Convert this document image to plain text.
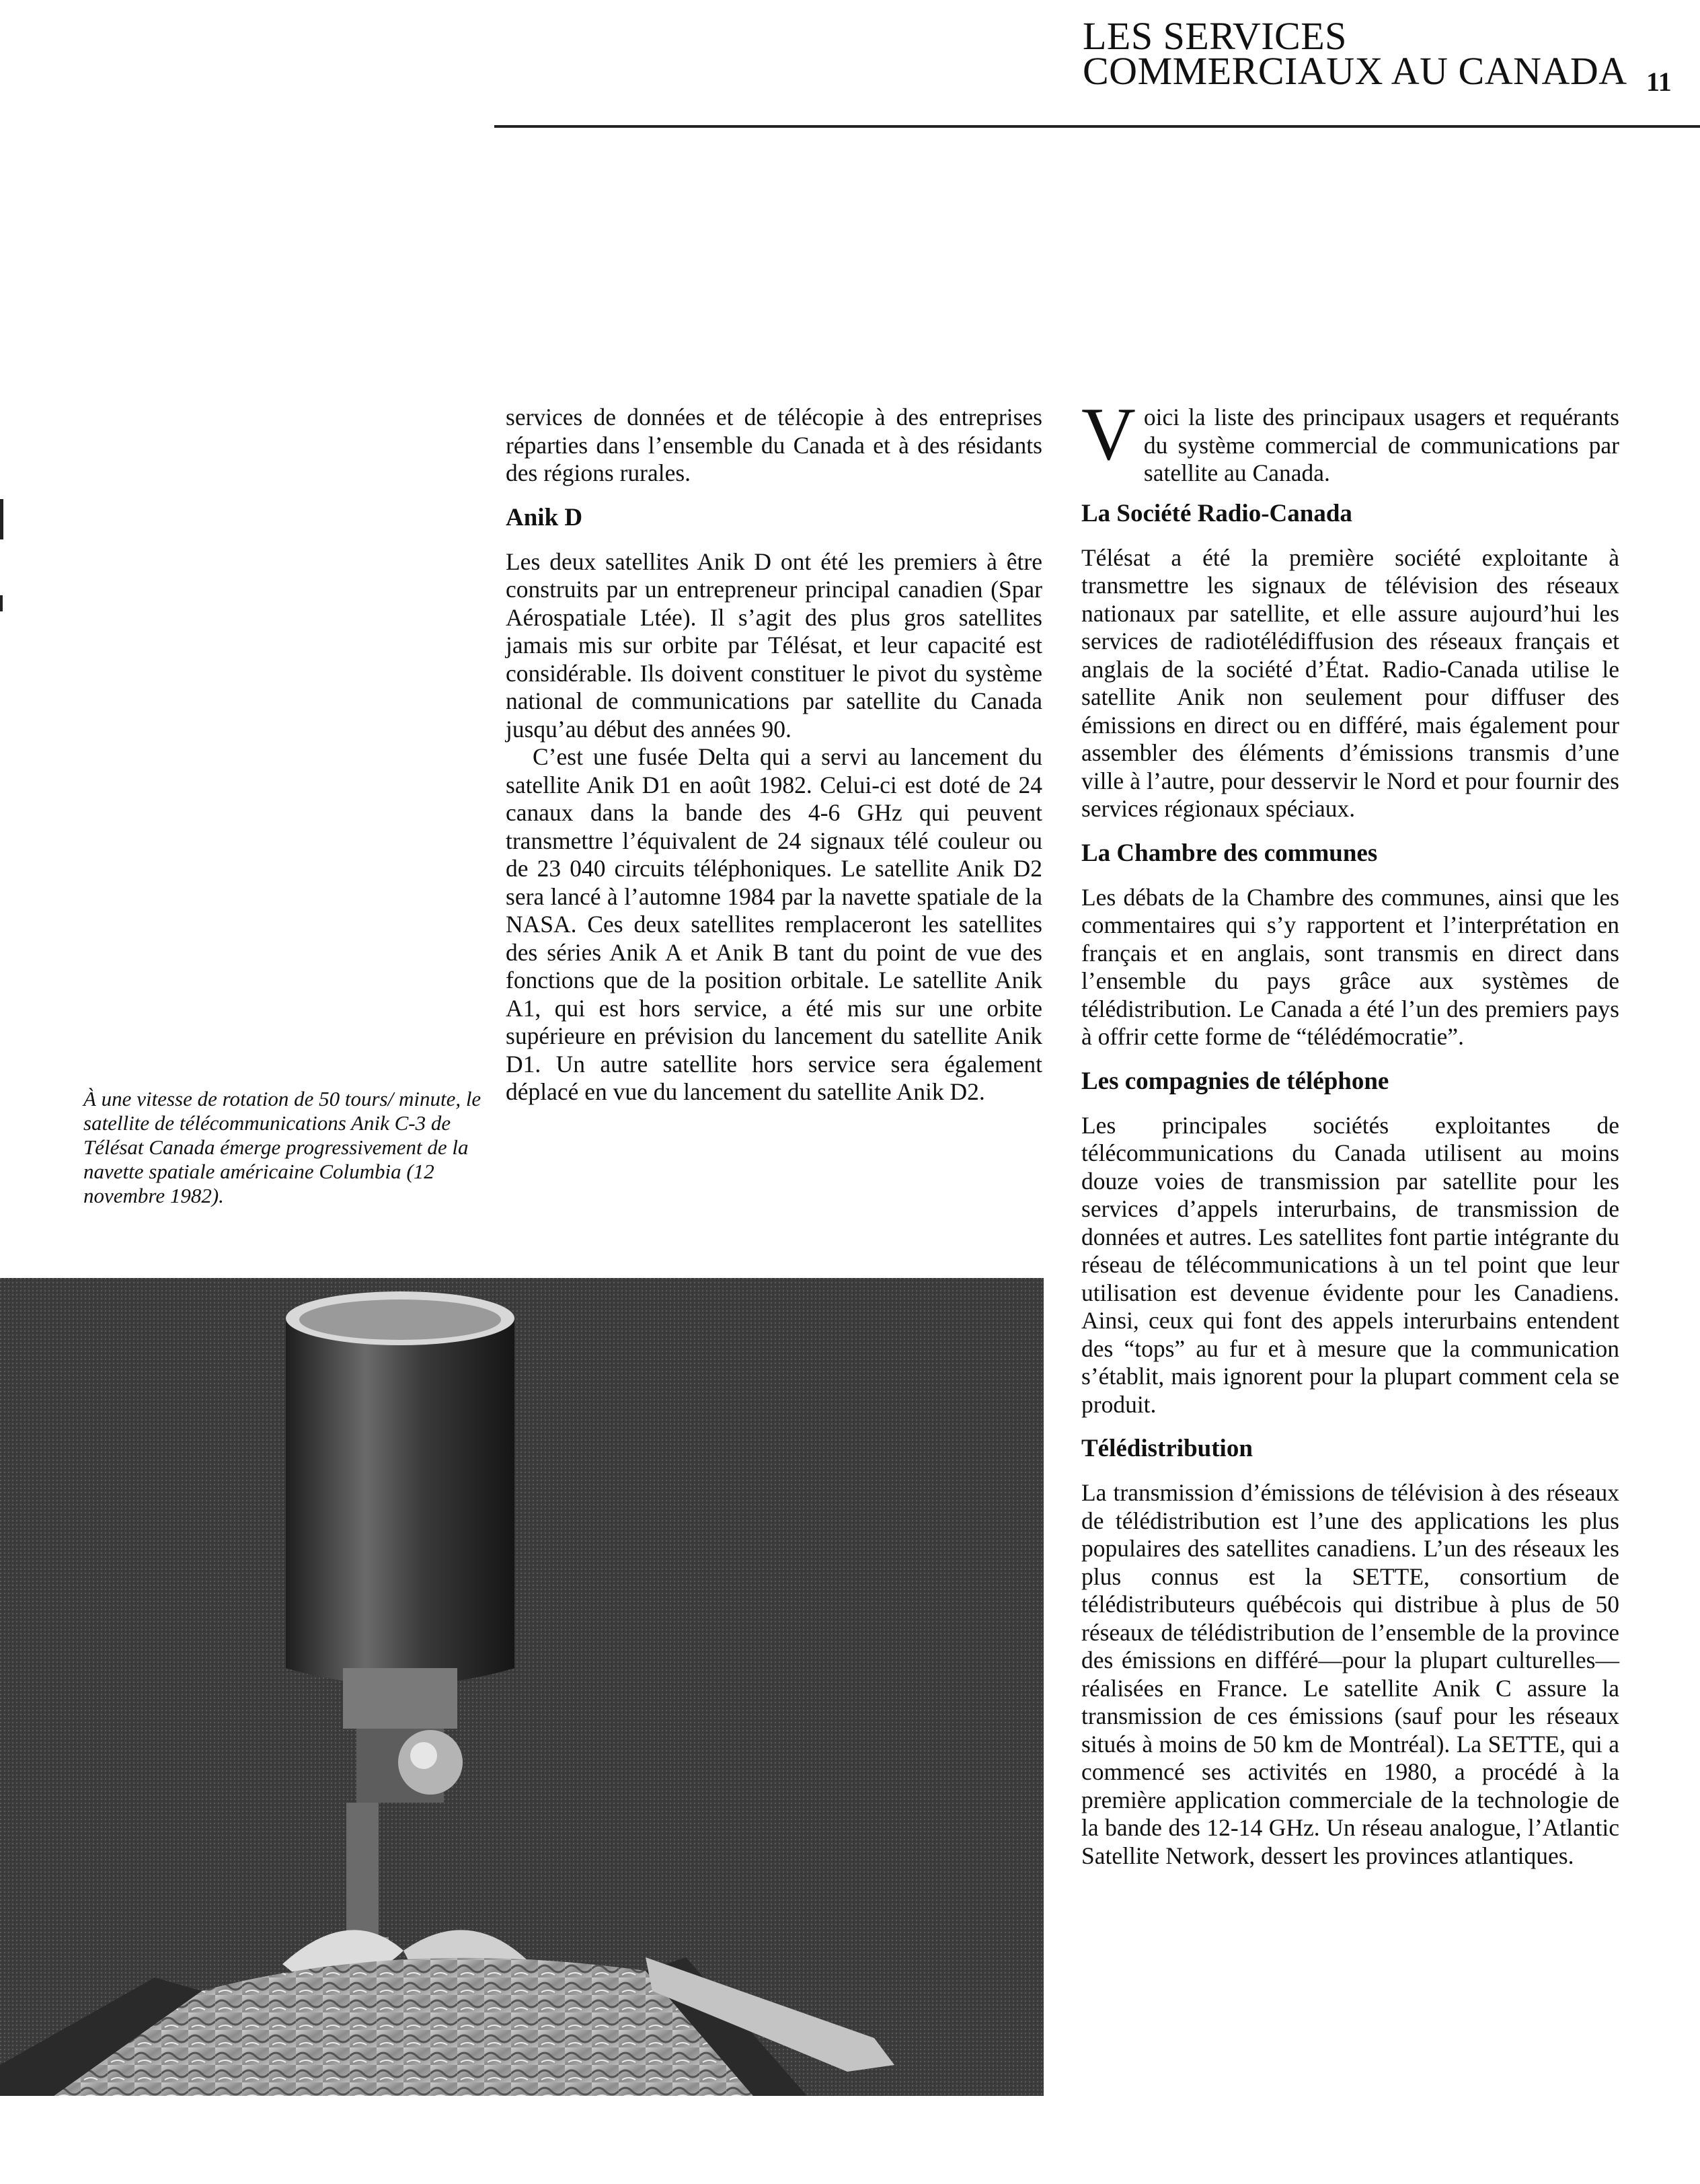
LES SERVICES
COMMERCIAUX AU CANADA 11
À une vitesse de rotation de 50 tours/ minute, le satellite de télécommunications Anik C-3 de Télésat Canada émerge progressivement de la navette spatiale américaine Columbia (12 novembre 1982).

services de données et de télécopie à des entreprises réparties dans l’ensemble du Canada et à des résidants des régions rurales.

Anik D

Les deux satellites Anik D ont été les premiers à être construits par un entrepreneur principal canadien (Spar Aérospatiale Ltée). Il s’agit des plus gros satellites jamais mis sur orbite par Télésat, et leur capacité est considérable. Ils doivent constituer le pivot du système national de communications par satellite du Canada jusqu’au début des années 90.

C’est une fusée Delta qui a servi au lancement du satellite Anik D1 en août 1982. Celui-ci est doté de 24 canaux dans la bande des 4-6 GHz qui peuvent transmettre l’équivalent de 24 signaux télé couleur ou de 23 040 circuits téléphoniques. Le satellite Anik D2 sera lancé à l’automne 1984 par la navette spatiale de la NASA. Ces deux satellites remplaceront les satellites des séries Anik A et Anik B tant du point de vue des fonctions que de la position orbitale. Le satellite Anik A1, qui est hors service, a été mis sur une orbite supérieure en prévision du lancement du satellite Anik D1. Un autre satellite hors service sera également déplacé en vue du lancement du satellite Anik D2.

Voici la liste des principaux usagers et requérants du système commercial de communications par satellite au Canada.

La Société Radio-Canada

Télésat a été la première société exploitante à transmettre les signaux de télévision des réseaux nationaux par satellite, et elle assure aujourd’hui les services de radiotélédiffusion des réseaux français et anglais de la société d’État. Radio-Canada utilise le satellite Anik non seulement pour diffuser des émissions en direct ou en différé, mais également pour assembler des éléments d’émissions transmis d’une ville à l’autre, pour desservir le Nord et pour fournir des services régionaux spéciaux.

La Chambre des communes

Les débats de la Chambre des communes, ainsi que les commentaires qui s’y rapportent et l’interprétation en français et en anglais, sont transmis en direct dans l’ensemble du pays grâce aux systèmes de télédistribution. Le Canada a été l’un des premiers pays à offrir cette forme de “télédémocratie”.

Les compagnies de téléphone

Les principales sociétés exploitantes de télécommunications du Canada utilisent au moins douze voies de transmission par satellite pour les services d’appels interurbains, de transmission de données et autres. Les satellites font partie intégrante du réseau de télécommunications à un tel point que leur utilisation est devenue évidente pour les Canadiens. Ainsi, ceux qui font des appels interurbains entendent des “tops” au fur et à mesure que la communication s’établit, mais ignorent pour la plupart comment cela se produit.

Télédistribution

La transmission d’émissions de télévision à des réseaux de télédistribution est l’une des applications les plus populaires des satellites canadiens. L’un des réseaux les plus connus est la SETTE, consortium de télédistributeurs québécois qui distribue à plus de 50 réseaux de télédistribution de l’ensemble de la province des émissions en différé—pour la plupart culturelles—réalisées en France. Le satellite Anik C assure la transmission de ces émissions (sauf pour les réseaux situés à moins de 50 km de Montréal). La SETTE, qui a commencé ses activités en 1980, a procédé à la première application commerciale de la technologie de la bande des 12-14 GHz. Un réseau analogue, l’Atlantic Satellite Network, dessert les provinces atlantiques.
